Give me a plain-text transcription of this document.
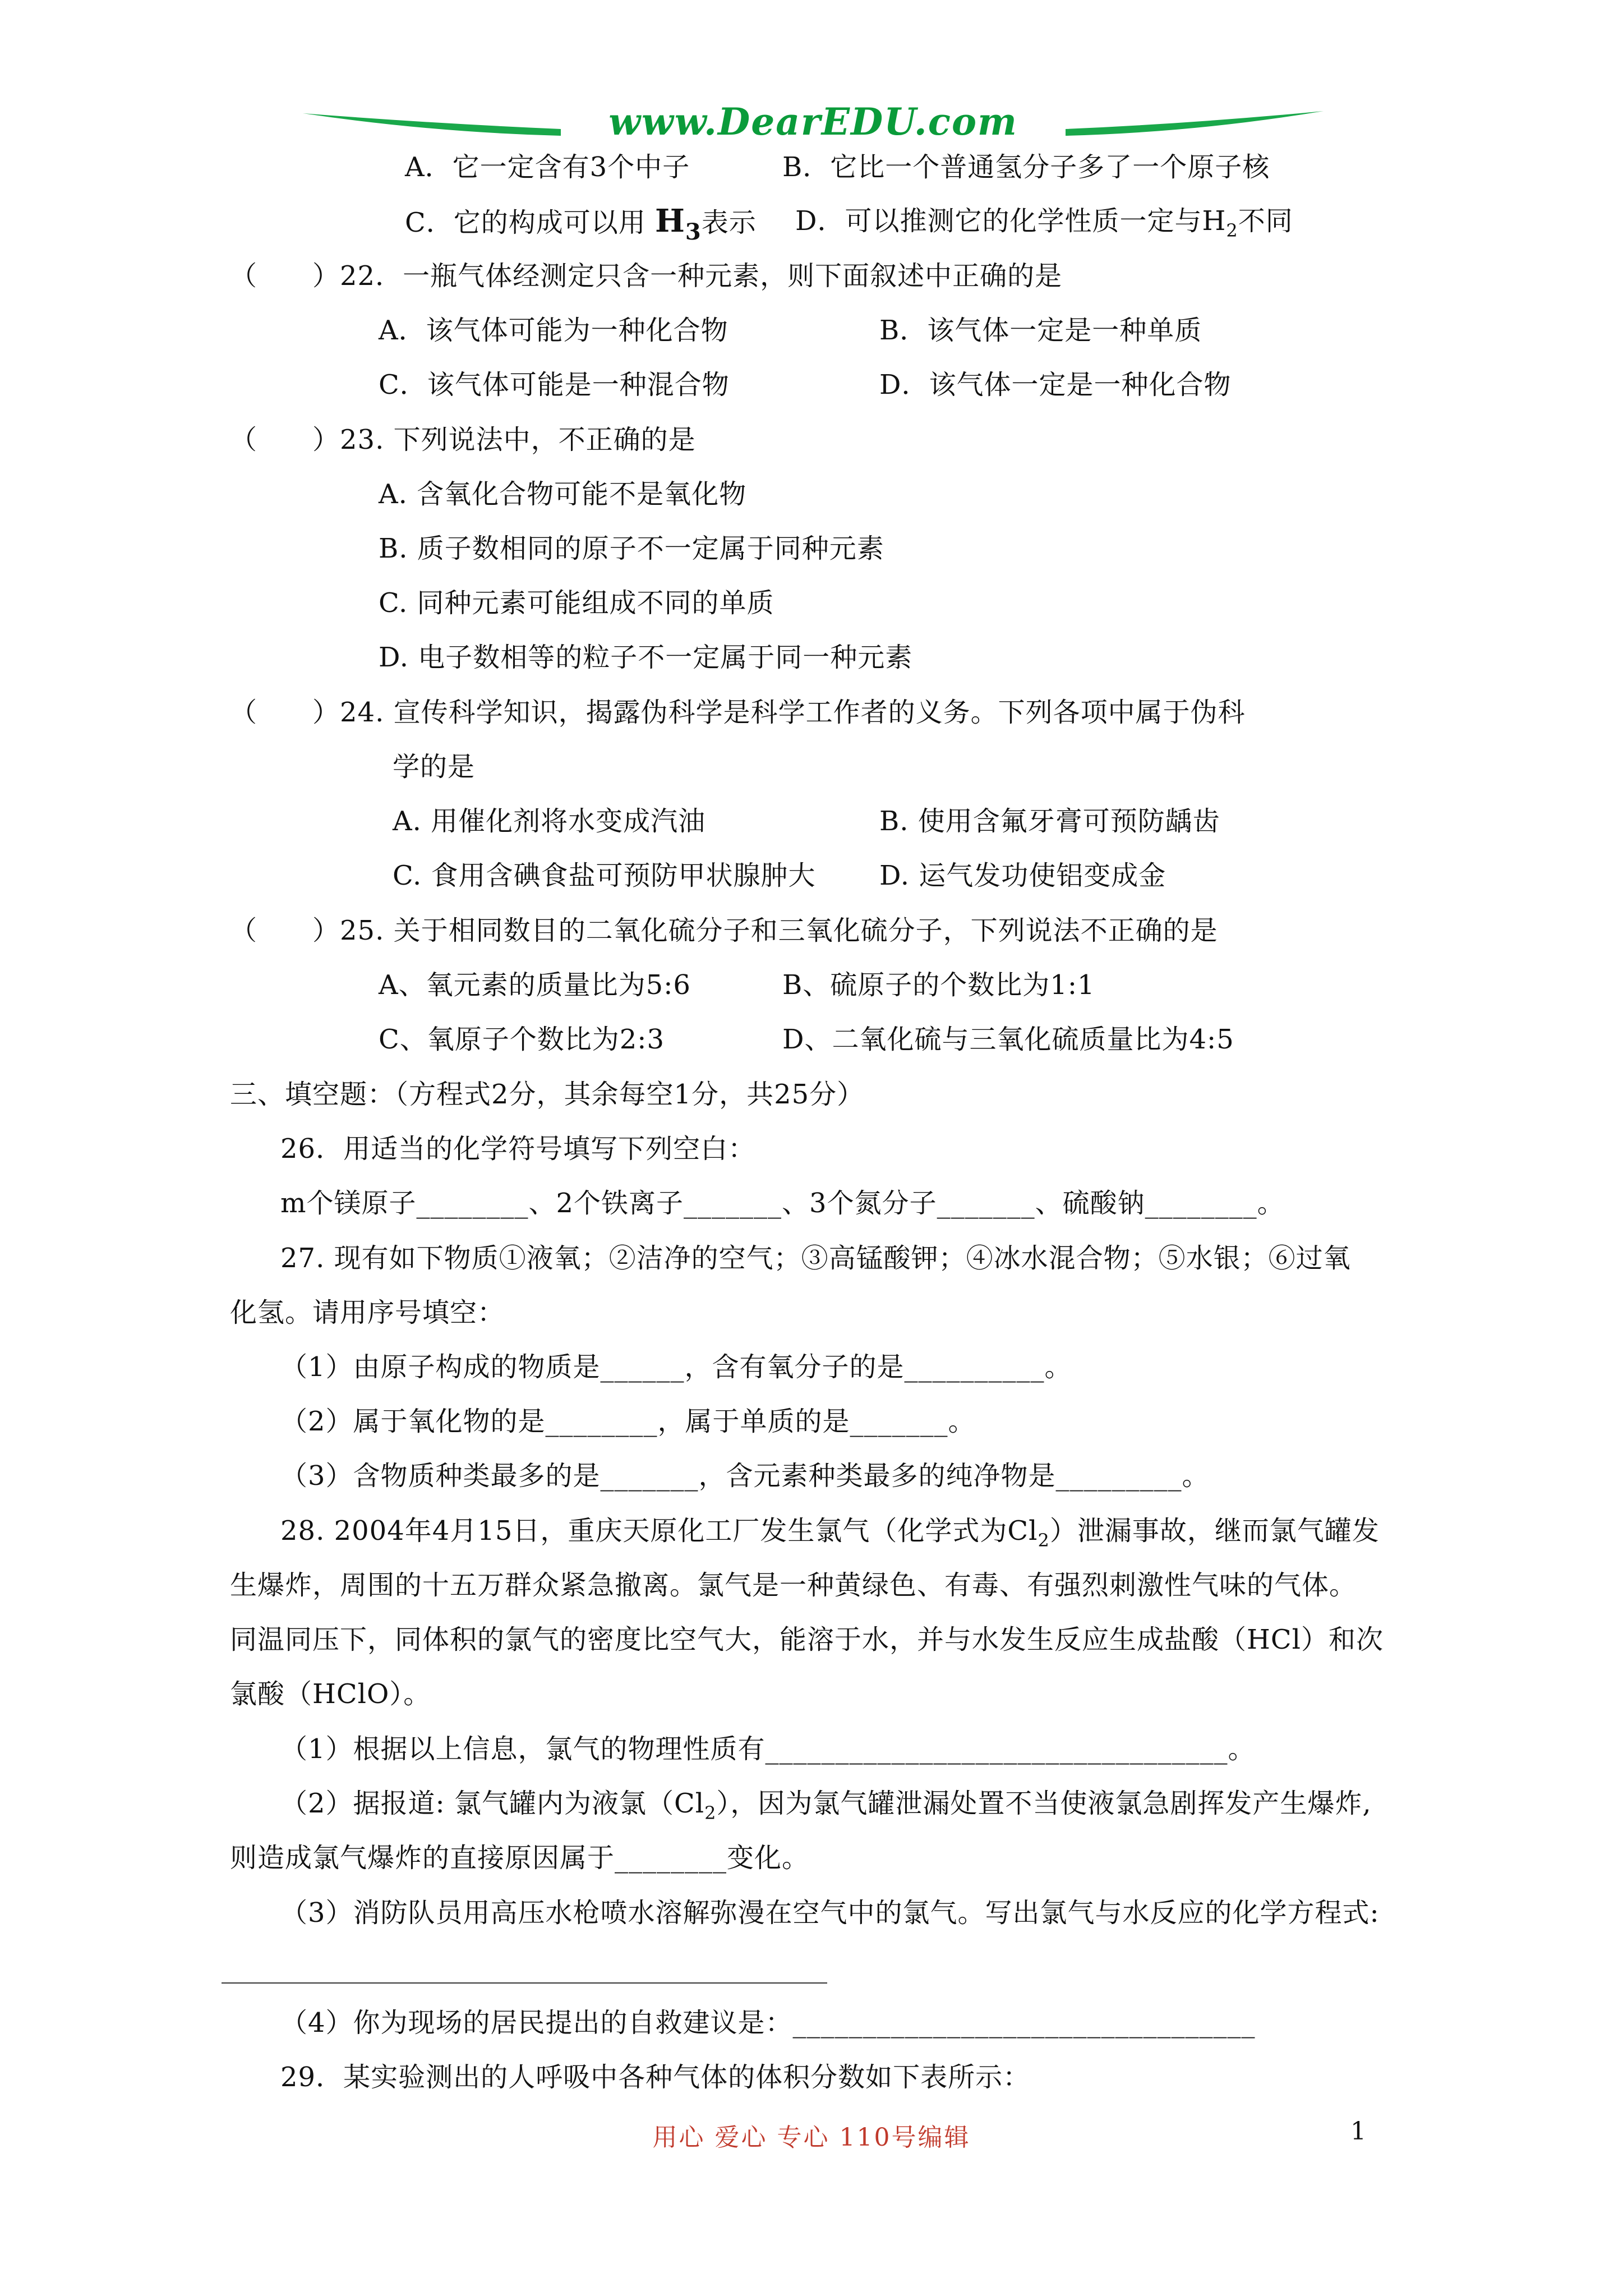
www.DearEDU.com
A．它一定含有3个中子	B．它比一个普通氢分子多了一个原子核
C．它的构成可以用 $H_3$表示 D．可以推测它的化学性质一定与$H_2$不同
（　　）22．一瓶气体经测定只含一种元素，则下面叙述中正确的是
A．该气体可能为一种化合物	B．该气体一定是一种单质
C．该气体可能是一种混合物	D．该气体一定是一种化合物
（　　）23. 下列说法中，不正确的是
A. 含氧化合物可能不是氧化物
B. 质子数相同的原子不一定属于同种元素
C. 同种元素可能组成不同的单质
D. 电子数相等的粒子不一定属于同一种元素
（　　）24. 宣传科学知识，揭露伪科学是科学工作者的义务。下列各项中属于伪科
学的是
A. 用催化剂将水变成汽油	B. 使用含氟牙膏可预防龋齿
C. 食用含碘食盐可预防甲状腺肿大 D. 运气发功使铝变成金
（　　）25. 关于相同数目的二氧化硫分子和三氧化硫分子，下列说法不正确的是
A、氧元素的质量比为5:6	B、硫原子的个数比为1:1
C、氧原子个数比为2:3	D、二氧化硫与三氧化硫质量比为4:5
三、填空题：（方程式2分，其余每空1分，共25分）
26．用适当的化学符号填写下列空白：
m个镁原子________、2个铁离子_______、3个氮分子_______、硫酸钠________。
27. 现有如下物质①液氧；②洁净的空气；③高锰酸钾；④冰水混合物；⑤水银；⑥过氧
化氢。请用序号填空：
（1）由原子构成的物质是______，含有氧分子的是__________。
（2）属于氧化物的是________，属于单质的是_______。
（3）含物质种类最多的是_______，含元素种类最多的纯净物是_________。
28. 2004年4月15日，重庆天原化工厂发生氯气（化学式为$Cl_2$）泄漏事故，继而氯气罐发
生爆炸，周围的十五万群众紧急撤离。氯气是一种黄绿色、有毒、有强烈刺激性气味的气体。
同温同压下，同体积的氯气的密度比空气大，能溶于水，并与水发生反应生成盐酸（HCl）和次
氯酸（HClO）。
（1）根据以上信息，氯气的物理性质有_________________________________。
（2）据报道: 氯气罐内为液氯$(Cl_2)$，因为氯气罐泄漏处置不当使液氯急剧挥发产生爆炸,
则造成氯气爆炸的直接原因属于________变化。
（3）消防队员用高压水枪喷水溶解弥漫在空气中的氯气。写出氯气与水反应的化学方程式:
（4）你为现场的居民提出的自救建议是：_________________________________
29．某实验测出的人呼吸中各种气体的体积分数如下表所示：
用心 爱心 专心 110号编辑	1
